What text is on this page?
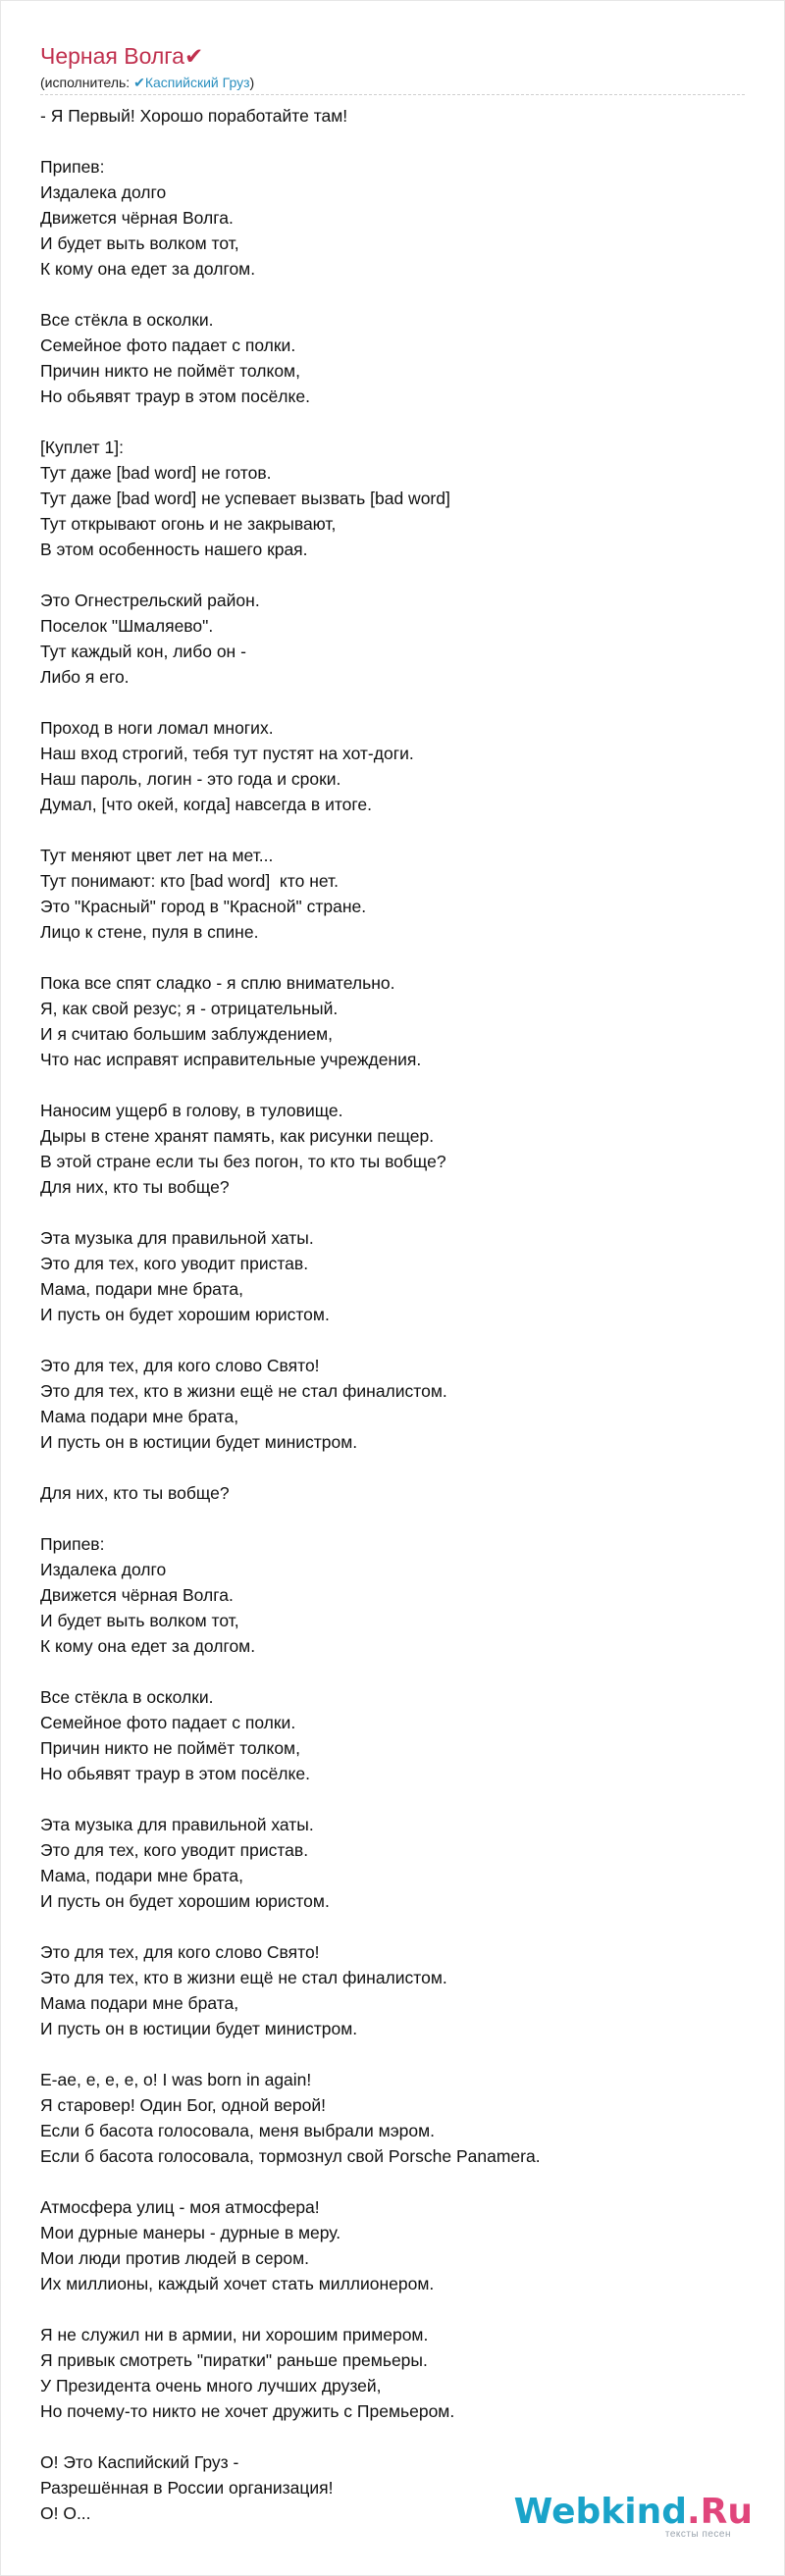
Черная Волга✔
(исполнитель: ✔Каспийский Груз)
- Я Первый! Хорошо поработайте там!
Припев:
Издалека долго
Движется чёрная Волга.
И будет выть волком тот,
К кому она едет за долгом.
Все стёкла в осколки.
Семейное фото падает с полки.
Причин никто не поймёт толком,
Но обьявят траур в этом посёлке.
[Куплет 1]:
Тут даже [bad word] не готов.
Тут даже [bad word] не успевает вызвать [bad word]
Тут открывают огонь и не закрывают,
В этом особенность нашего края.
Это Огнестрельский район.
Поселок "Шмаляево".
Тут каждый кон, либо он -
Либо я его.
Проход в ноги ломал многих.
Наш вход строгий, тебя тут пустят на хот-доги.
Наш пароль, логин - это года и сроки.
Думал, [что окей, когда] навсегда в итоге.
Тут меняют цвет лет на мет...
Тут понимают: кто [bad word]  кто нет.
Это "Красный" город в "Красной" стране.
Лицо к стене, пуля в спине.
Пока все спят сладко - я сплю внимательно.
Я, как свой резус; я - отрицательный.
И я считаю большим заблуждением,
Что нас исправят исправительные учреждения.
Наносим ущерб в голову, в туловище.
Дыры в стене хранят память, как рисунки пещер.
В этой стране если ты без погон, то кто ты вобще?
Для них, кто ты вобще?
Эта музыка для правильной хаты.
Это для тех, кого уводит пристав.
Мама, подари мне брата,
И пусть он будет хорошим юристом.
Это для тех, для кого слово Свято!
Это для тех, кто в жизни ещё не стал финалистом.
Мама подари мне брата,
И пусть он в юстиции будет министром.
Для них, кто ты вобще?
Припев:
Издалека долго
Движется чёрная Волга.
И будет выть волком тот,
К кому она едет за долгом.
Все стёкла в осколки.
Семейное фото падает с полки.
Причин никто не поймёт толком,
Но обьявят траур в этом посёлке.
Эта музыка для правильной хаты.
Это для тех, кого уводит пристав.
Мама, подари мне брата,
И пусть он будет хорошим юристом.
Это для тех, для кого слово Свято!
Это для тех, кто в жизни ещё не стал финалистом.
Мама подари мне брата,
И пусть он в юстиции будет министром.
Е-ае, е, е, е, о! I was born in again!
Я старовер! Один Бог, одной верой!
Если б басота голосовала, меня выбрали мэром.
Если б басота голосовала, тормознул свой Porsche Panamera.
Атмосфера улиц - моя атмосфера!
Мои дурные манеры - дурные в меру.
Мои люди против людей в сером.
Их миллионы, каждый хочет стать миллионером.
Я не служил ни в армии, ни хорошим примером.
Я привык смотреть "пиратки" раньше премьеры.
У Президента очень много лучших друзей,
Но почему-то никто не хочет дружить с Премьером.
О! Это Каспийский Груз -
Разрешённая в России организация!
О! О...	Webkind.Ru
тексты песен
